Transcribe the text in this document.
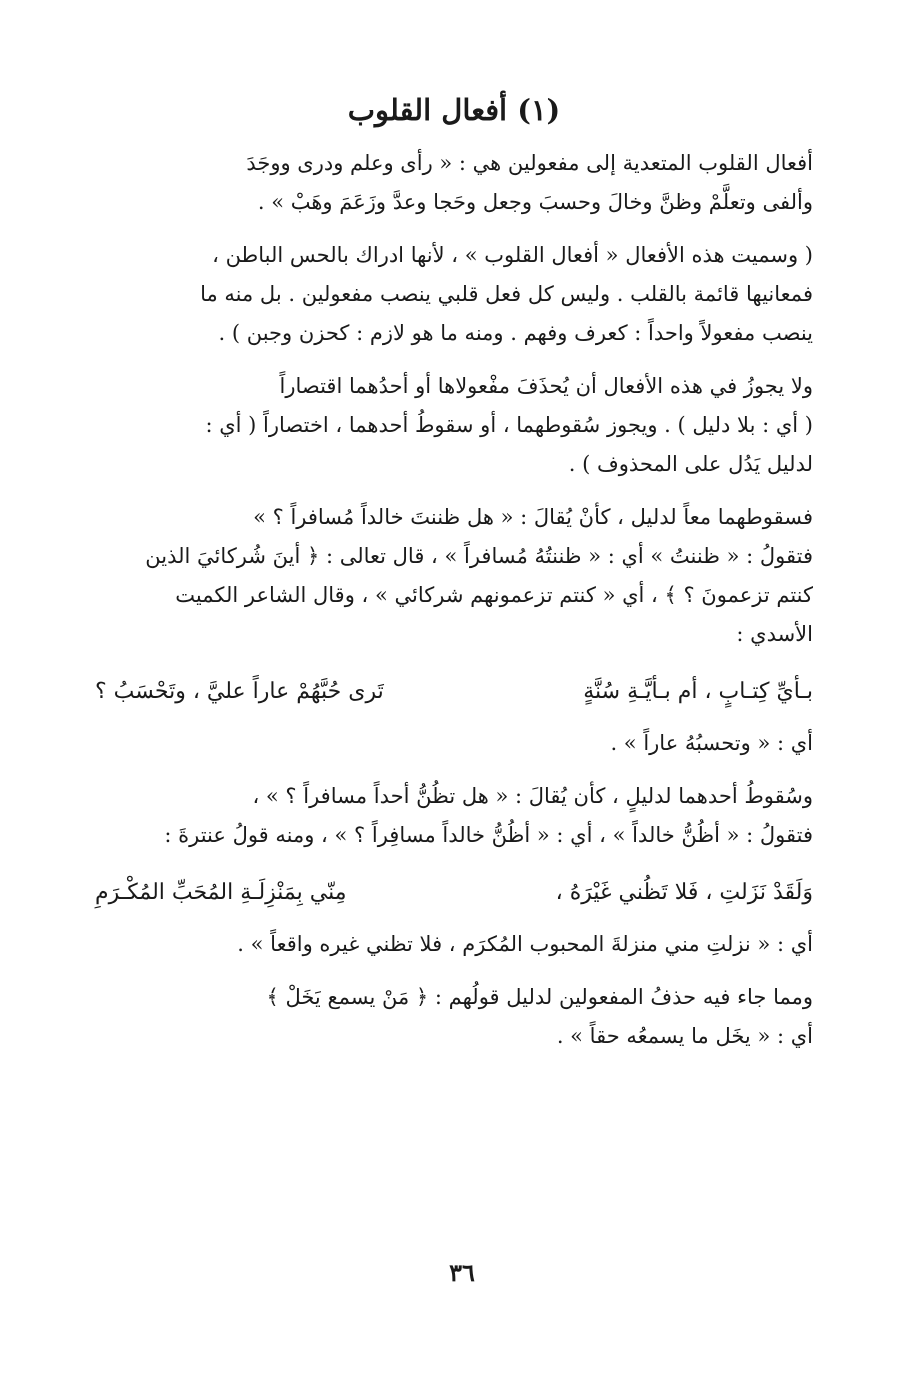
(١) أفعال القلوب

أفعال القلوب المتعدية إلى مفعولين هي : « رأى وعلم ودرى ووجَدَ
وألفى وتعلَّمْ وظنَّ وخالَ وحسبَ وجعل وحَجا وعدَّ وزَعَمَ وهَبْ » .

( وسميت هذه الأفعال « أفعال القلوب » ، لأنها ادراك بالحس الباطن ،
فمعانيها قائمة بالقلب . وليس كل فعل قلبي ينصب مفعولين . بل منه ما
ينصب مفعولاً واحداً : كعرف وفهم . ومنه ما هو لازم : كحزن وجبن ) .

ولا يجوزُ في هذه الأفعال أن يُحذَفَ مفْعولاها أو أحدُهما اقتصاراً
( أي : بلا دليل ) . ويجوز سُقوطهما ، أو سقوطُ أحدهما ، اختصاراً ( أي :
لدليل يَدُل على المحذوف ) .

فسقوطهما معاً لدليل ، كأنْ يُقالَ : « هل ظننتَ خالداً مُسافراً ؟ »
فتقولُ : « ظننتُ » أي : « ظننتُهُ مُسافراً » ، قال تعالى : ﴿ أينَ شُركائيَ الذين
كنتم تزعمونَ ؟ ﴾ ، أي « كنتم تزعمونهم شركائي » ، وقال الشاعر الكميت
الأسدي :

بـأيِّ كِتـابٍ ، أم بـأيَّـةِ سُنَّةٍ
تَرى حُبَّهُمْ عاراً عليَّ ، وتَحْسَبُ ؟
أي : « وتحسبُهُ عاراً » .

وسُقوطُ أحدهما لدليلٍ ، كأن يُقالَ : « هل تظُنُّ أحداً مسافراً ؟ » ،
فتقولُ : « أظُنُّ خالداً » ، أي : « أظُنُّ خالداً مسافِراً ؟ » ، ومنه قولُ عنترةَ :

وَلَقَدْ نَزَلتِ ، فَلا تَظُني غَيْرَهُ ،
مِنّي بِمَنْزِلَـةِ المُحَبِّ المُكْـرَمِ
أي : « نزلتِ مني منزلةَ المحبوب المُكرَم ، فلا تظني غيره واقعاً » .

ومما جاء فيه حذفُ المفعولين لدليل قولُهم : ﴿ مَنْ يسمع يَخَلْ ﴾
أي : « يخَل ما يسمعُه حقاً » .

٣٦
